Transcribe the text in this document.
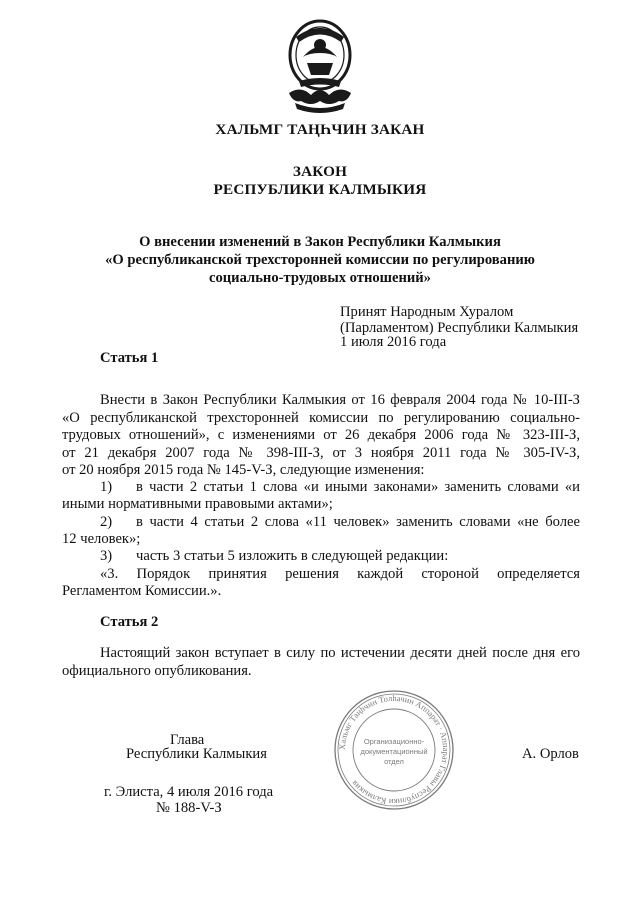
ХАЛЬМГ ТАҢҺЧИН ЗАКАН
ЗАКОН
РЕСПУБЛИКИ КАЛМЫКИЯ
О внесении изменений в Закон Республики Калмыкия
«О республиканской трехсторонней комиссии по регулированию
социально-трудовых отношений»
Принят Народным Хуралом
(Парламентом) Республики Калмыкия
1 июля 2016 года
Статья 1
Внести в Закон Республики Калмыкия от 16 февраля 2004 года № 10-III-З
«О республиканской трехсторонней комиссии по регулированию социально-
трудовых отношений», с изменениями от 26 декабря 2006 года № 323-III-З,
от 21 декабря 2007 года № 398-III-З, от 3 ноября 2011 года № 305-IV-З,
от 20 ноября 2015 года № 145-V-З, следующие изменения:
1) в части 2 статьи 1 слова «и иными законами» заменить словами «и
иными нормативными правовыми актами»;
2) в части 4 статьи 2 слова «11 человек» заменить словами «не более
12 человек»;
3) часть 3 статьи 5 изложить в следующей редакции:
«3. Порядок принятия решения каждой стороной определяется
Регламентом Комиссии.».
Статья 2
Настоящий закон вступает в силу по истечении десяти дней после дня его
официального опубликования.
Глава
Республики Калмыкия	А. Орлов
г. Элиста, 4 июля 2016 года
№ 188-V-З
Хальмг Таңһчин Толһачин Аппарат · Аппарат Главы Республики Калмыкия
Организационно-
документационный
отдел
